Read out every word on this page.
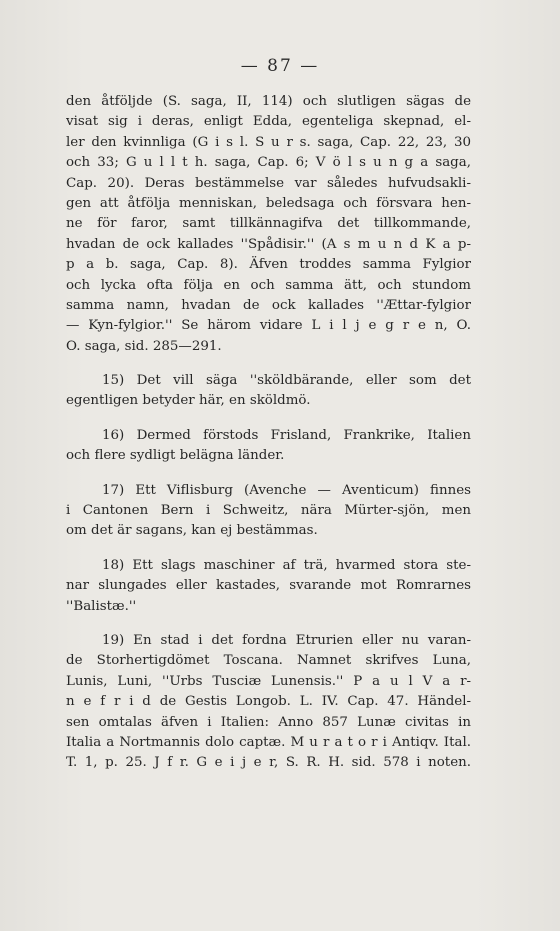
— 87 —
den åtföljde (S. saga, II, 114) och slutligen sägas de
visat sig i deras, enligt Edda, egenteliga skepnad, el-
ler den kvinnliga (G i s l. S u r s. saga, Cap. 22, 23, 30
och 33; G u l l t h. saga, Cap. 6; V ö l s u n g a saga,
Cap. 20). Deras bestämmelse var således hufvudsakli-
gen att åtfölja menniskan, beledsaga och försvara hen-
ne för faror, samt tillkännagifva det tillkommande,
hvadan de ock kallades ''Spådisir.'' (A s m u n d K a p-
p a b. saga, Cap. 8). Äfven troddes samma Fylgior
och lycka ofta följa en och samma ätt, och stundom
samma namn, hvadan de ock kallades ''Ættar-fylgior
— Kyn-fylgior.'' Se härom vidare L i l j e g r e n, O.
O. saga, sid. 285—291.
15) Det vill säga ''sköldbärande, eller som det
egentligen betyder här, en sköldmö.
16) Dermed förstods Frisland, Frankrike, Italien
och flere sydligt belägna länder.
17) Ett Viflisburg (Avenche — Aventicum) finnes
i Cantonen Bern i Schweitz, nära Mürter-sjön, men
om det är sagans, kan ej bestämmas.
18) Ett slags maschiner af trä, hvarmed stora ste-
nar slungades eller kastades, svarande mot Romrarnes
''Balistæ.''
19) En stad i det fordna Etrurien eller nu varan-
de Storhertigdömet Toscana. Namnet skrifves Luna,
Lunis, Luni, ''Urbs Tusciæ Lunensis.'' P a u l V a r-
n e f r i d de Gestis Longob. L. IV. Cap. 47. Händel-
sen omtalas äfven i Italien: Anno 857 Lunæ civitas in
Italia a Nortmannis dolo captæ. M u r a t o r i Antiqv. Ital.
T. 1, p. 25. J f r. G e i j e r, S. R. H. sid. 578 i noten.
